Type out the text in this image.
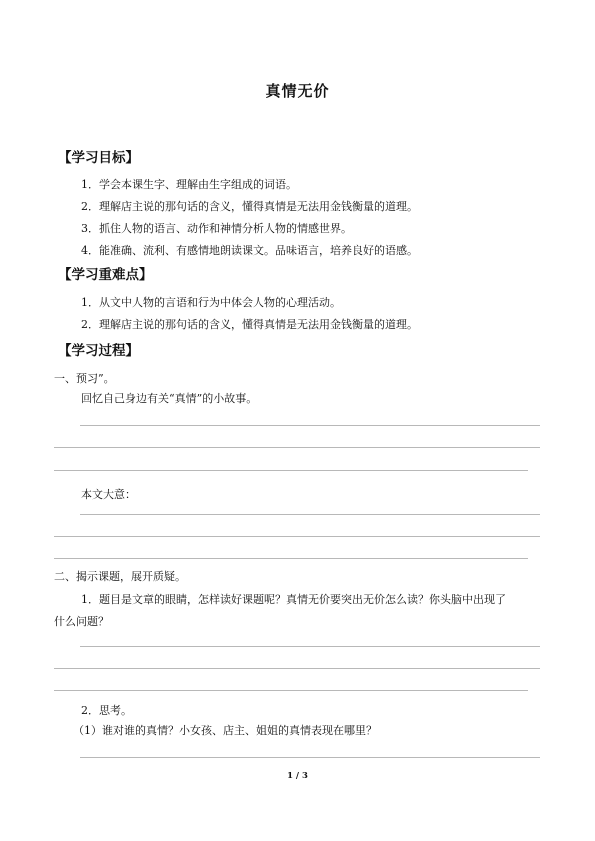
真情无价
【学习目标】
1．学会本课生字、理解由生字组成的词语。
2．理解店主说的那句话的含义，懂得真情是无法用金钱衡量的道理。
3．抓住人物的语言、动作和神情分析人物的情感世界。
4．能准确、流利、有感情地朗读课文。品味语言，培养良好的语感。
【学习重难点】
1．从文中人物的言语和行为中体会人物的心理活动。
2．理解店主说的那句话的含义，懂得真情是无法用金钱衡量的道理。
【学习过程】
一、预习”。
回忆自己身边有关“真情”的小故事。
本文大意：
二、揭示课题，展开质疑。
1．题目是文章的眼睛，怎样读好课题呢？真情无价要突出无价怎么读？你头脑中出现了
什么问题？
2．思考。
（1）谁对谁的真情？小女孩、店主、姐姐的真情表现在哪里？
1 / 3
